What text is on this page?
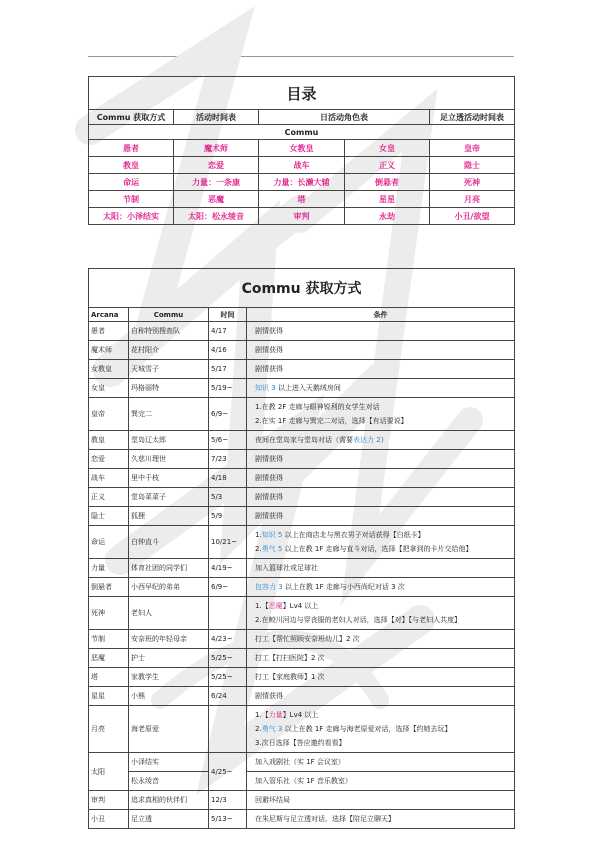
目录				
Commu 获取方式	活动时间表	日活动角色表		足立透活动时间表
Commu				
愚者	魔术师	女教皇	女皇	皇帝
教皇	恋爱	战车	正义	隐士
命运	力量：一条康	力量：长濑大辅	倒悬者	死神
节制	恶魔	塔	星星	月亮
太阳：小泽结实	太阳：松永绫音	审判	永劫	小丑/欲望
Commu 获取方式			
Arcana	Commu	时间	条件
愚者	自称特别搜查队	4/17	剧情获得
魔术师	花村阳介	4/16	剧情获得
女教皇	天城雪子	5/17	剧情获得
女皇	玛格丽特	5/19~	知识 3 以上进入天鹅绒房间
皇帝	巽完二	6/9~	1.在教 2F 走廊与眼神锐利的女学生对话
2.在实 1F 走廊与巽完二对话，选择【有话要说】

教皇	堂岛辽太郎	5/6~	夜间在堂岛家与堂岛对话（需要表达力 2）
恋爱	久慈川理世	7/23	剧情获得
战车	里中千枝	4/18	剧情获得
正义	堂岛菜菜子	5/3	剧情获得
隐士	狐狸	5/9	剧情获得
命运	白钟直斗	10/21~	1.知识 5 以上在商店北与黑衣男子对话获得【白纸卡】
2.勇气 5 以上在教 1F 走廊与直斗对话，选择【把拿到的卡片交给他】

力量	体育社团的同学们	4/19~	加入篮球社或足球社
倒悬者	小西早纪的弟弟	6/9~	包容力 3 以上在教 1F 走廊与小西尚纪对话 3 次
死神	老妇人		1.【恶魔】Lv4 以上
2.在鲛川河边与穿丧服的老妇人对话，选择【对】【与老妇人共度】

节制	安奈班的年轻母亲	4/23~	打工【帮忙照顾安奈班幼儿】2 次
恶魔	护士	5/25~	打工【打扫医院】2 次
塔	家教学生	5/25~	打工【家庭教师】1 次
星星	小熊	6/24	剧情获得
月亮	海老原爱		1.【力量】Lv4 以上
2.勇气 3 以上在教 1F 走廊与海老原爱对话，选择【约她去玩】
3.次日选择【答应邀约看看】

太阳	小泽结实	4/25~	加入戏剧社（实 1F 会议室）
	松永绫音		加入管乐社（实 1F 音乐教室）
审判	追求真相的伙伴们	12/3	回避坏结局
小丑	足立透	5/13~	在朱尼斯与足立透对话，选择【陪足立聊天】
